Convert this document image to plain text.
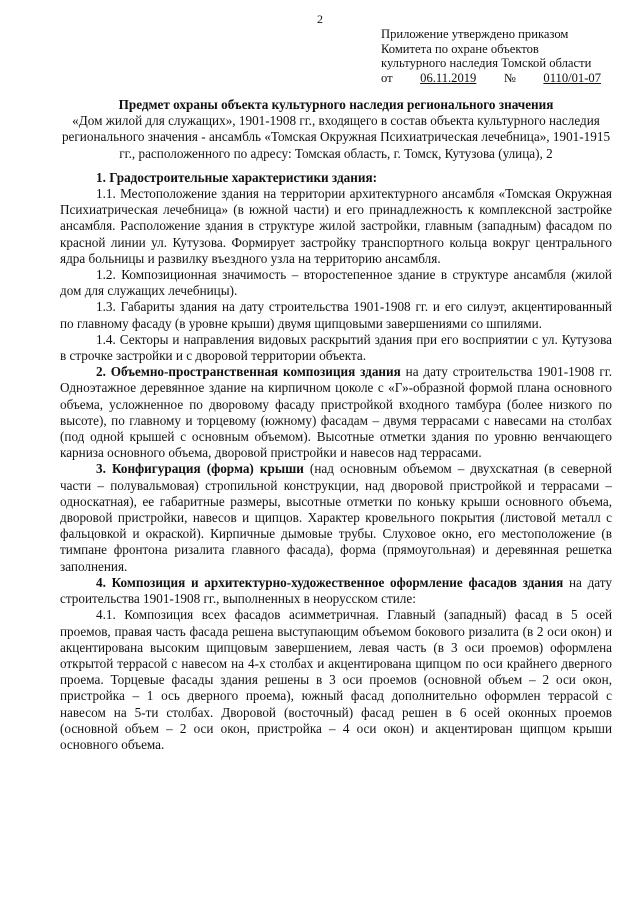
2
Приложение утверждено приказом
Комитета по охране объектов
культурного наследия Томской области
от 06.11.2019 № 0110/01-07

Предмет охраны объекта культурного наследия регионального значения

«Дом жилой для служащих», 1901-1908 гг., входящего в состав объекта культурного наследия регионального значения - ансамбль «Томская Окружная Психиатрическая лечебница», 1901-1915 гг., расположенного по адресу: Томская область, г. Томск, Кутузова (улица), 2

1. Градостроительные характеристики здания:

1.1. Местоположение здания на территории архитектурного ансамбля «Томская Окружная Психиатрическая лечебница» (в южной части) и его принадлежность к комплексной застройке ансамбля. Расположение здания в структуре жилой застройки, главным (западным) фасадом по красной линии ул. Кутузова. Формирует застройку транспортного кольца вокруг центрального ядра больницы и развилку въездного узла на территорию ансамбля.

1.2. Композиционная значимость – второстепенное здание в структуре ансамбля (жилой дом для служащих лечебницы).

1.3. Габариты здания на дату строительства 1901-1908 гг. и его силуэт, акцентированный по главному фасаду (в уровне крыши) двумя щипцовыми завершениями со шпилями.

1.4. Секторы и направления видовых раскрытий здания при его восприятии с ул. Кутузова в строчке застройки и с дворовой территории объекта.

2. Объемно-пространственная композиция здания на дату строительства 1901-1908 гг. Одноэтажное деревянное здание на кирпичном цоколе с «Г»-образной формой плана основного объема, усложненное по дворовому фасаду пристройкой входного тамбура (более низкого по высоте), по главному и торцевому (южному) фасадам – двумя террасами с навесами на столбах (под одной крышей с основным объемом). Высотные отметки здания по уровню венчающего карниза основного объема, дворовой пристройки и навесов над террасами.

3. Конфигурация (форма) крыши (над основным объемом – двухскатная (в северной части – полувальмовая) стропильной конструкции, над дворовой пристройкой и террасами – односкатная), ее габаритные размеры, высотные отметки по коньку крыши основного объема, дворовой пристройки, навесов и щипцов. Характер кровельного покрытия (листовой металл с фальцовкой и окраской). Кирпичные дымовые трубы. Слуховое окно, его местоположение (в тимпане фронтона ризалита главного фасада), форма (прямоугольная) и деревянная решетка заполнения.

4. Композиция и архитектурно-художественное оформление фасадов здания на дату строительства 1901-1908 гг., выполненных в неорусском стиле:

4.1. Композиция всех фасадов асимметричная. Главный (западный) фасад в 5 осей проемов, правая часть фасада решена выступающим объемом бокового ризалита (в 2 оси окон) и акцентирована высоким щипцовым завершением, левая часть (в 3 оси проемов) оформлена открытой террасой с навесом на 4-х столбах и акцентирована щипцом по оси крайнего дверного проема. Торцевые фасады здания решены в 3 оси проемов (основной объем – 2 оси окон, пристройка – 1 ось дверного проема), южный фасад дополнительно оформлен террасой с навесом на 5-ти столбах. Дворовой (восточный) фасад решен в 6 осей оконных проемов (основной объем – 2 оси окон, пристройка – 4 оси окон) и акцентирован щипцом крыши основного объема.
